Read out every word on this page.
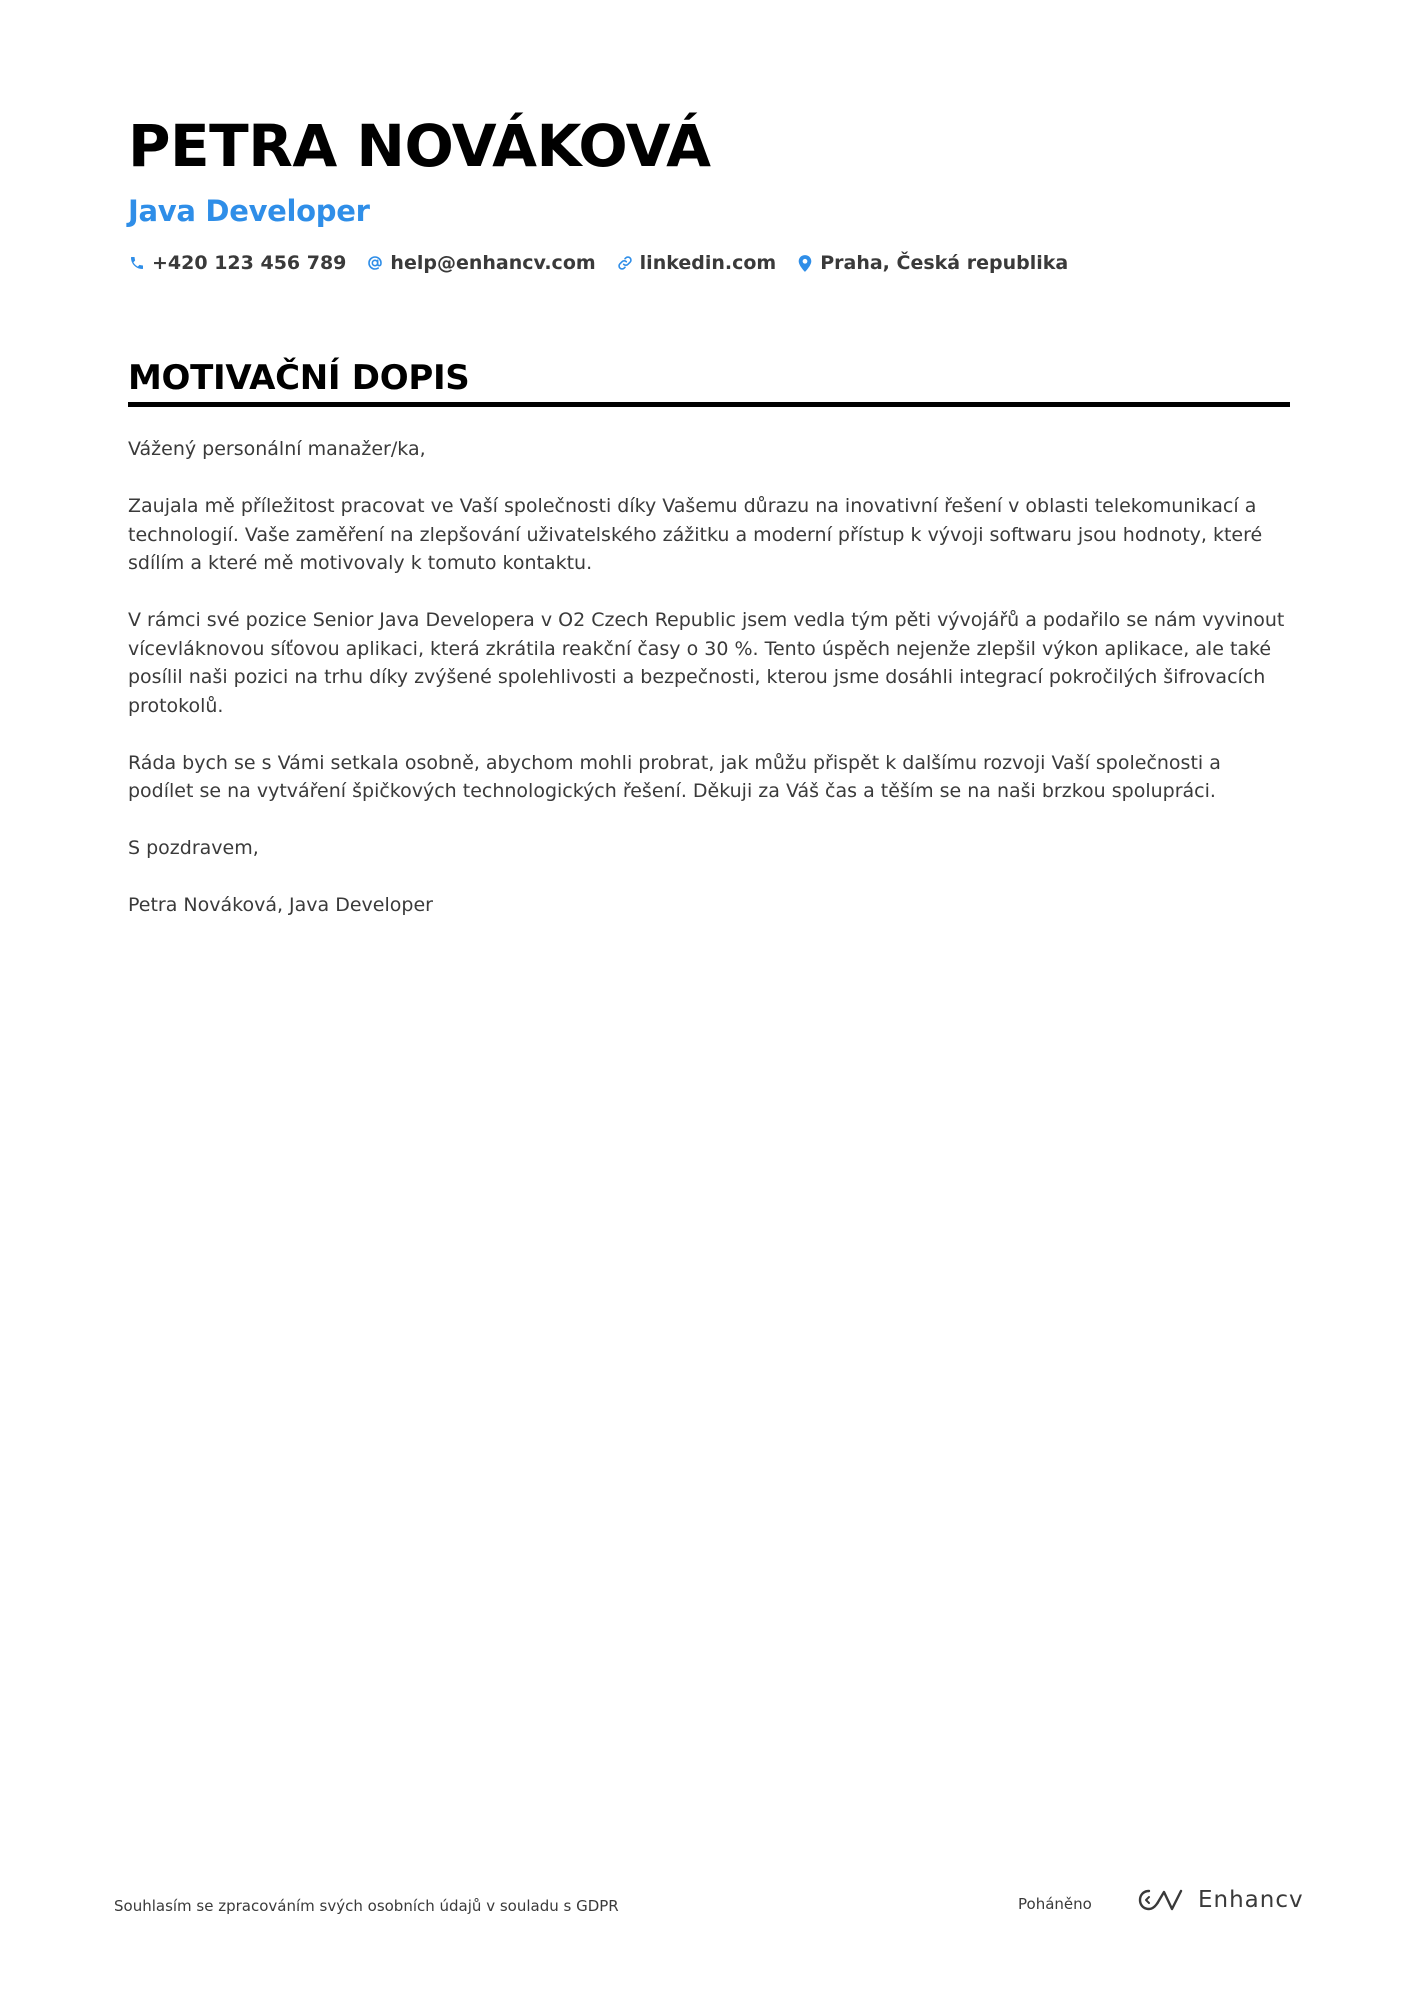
PETRA NOVÁKOVÁ
Java Developer
+420 123 456 789 help@enhancv.com linkedin.com Praha, Česká republika
MOTIVAČNÍ DOPIS

Vážený personální manažer/ka,

Zaujala mě příležitost pracovat ve Vaší společnosti díky Vašemu důrazu na inovativní řešení v oblasti telekomunikací a technologií. Vaše zaměření na zlepšování uživatelského zážitku a moderní přístup k vývoji softwaru jsou hodnoty, které sdílím a které mě motivovaly k tomuto kontaktu.

V rámci své pozice Senior Java Developera v O2 Czech Republic jsem vedla tým pěti vývojářů a podařilo se nám vyvinout vícevláknovou síťovou aplikaci, která zkrátila reakční časy o 30 %. Tento úspěch nejenže zlepšil výkon aplikace, ale také posílil naši pozici na trhu díky zvýšené spolehlivosti a bezpečnosti, kterou jsme dosáhli integrací pokročilých šifrovacích protokolů.

Ráda bych se s Vámi setkala osobně, abychom mohli probrat, jak můžu přispět k dalšímu rozvoji Vaší společnosti a podílet se na vytváření špičkových technologických řešení. Děkuji za Váš čas a těším se na naši brzkou spolupráci.

S pozdravem,

Petra Nováková, Java Developer

Souhlasím se zpracováním svých osobních údajů v souladu s GDPR	Poháněno	Enhancv
